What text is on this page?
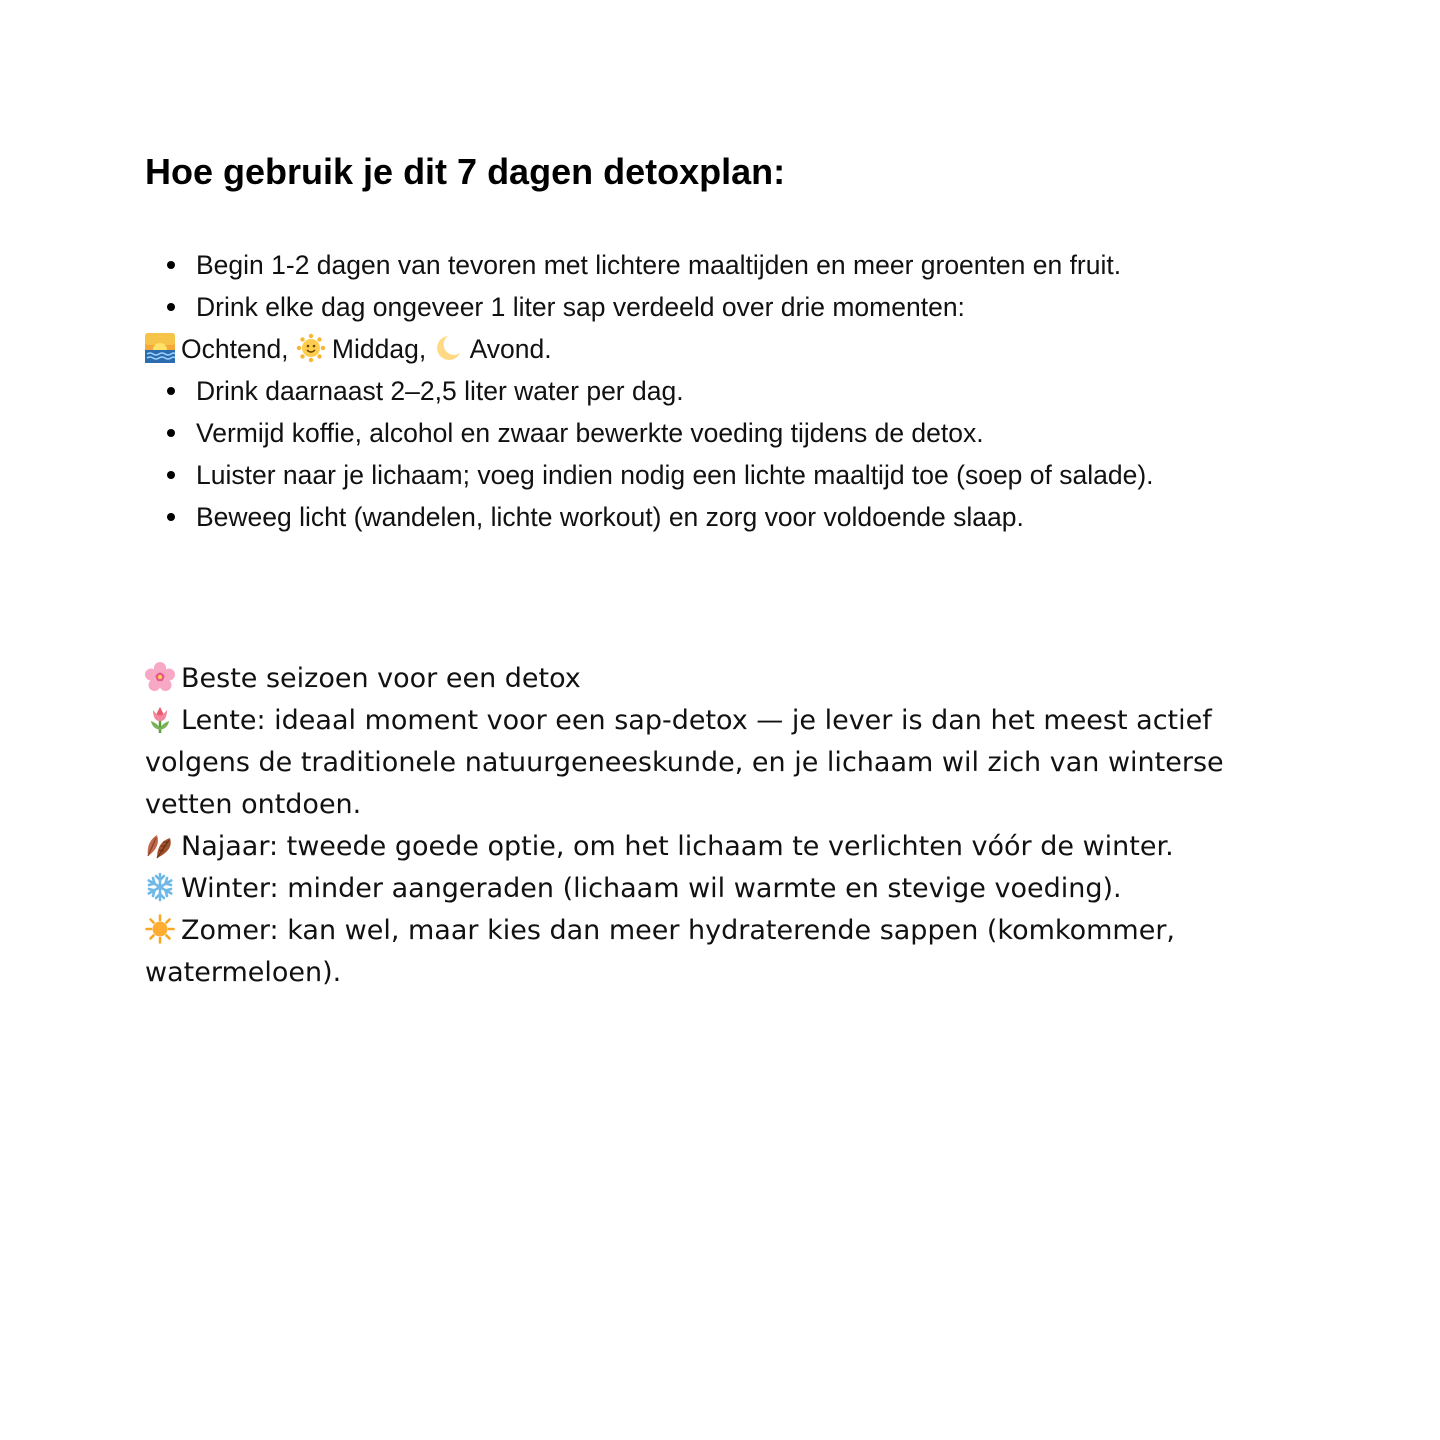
Hoe gebruik je dit 7 dagen detoxplan:
Begin 1-2 dagen van tevoren met lichtere maaltijden en meer groenten en fruit.
Drink elke dag ongeveer 1 liter sap verdeeld over drie momenten:
Ochtend, Middag, Avond.
Drink daarnaast 2–2,5 liter water per dag.
Vermijd koffie, alcohol en zwaar bewerkte voeding tijdens de detox.
Luister naar je lichaam; voeg indien nodig een lichte maaltijd toe (soep of salade).
Beweeg licht (wandelen, lichte workout) en zorg voor voldoende slaap.

Beste seizoen voor een detox

Lente: ideaal moment voor een sap-detox — je lever is dan het meest actief volgens de traditionele natuurgeneeskunde, en je lichaam wil zich van winterse vetten ontdoen.

Najaar: tweede goede optie, om het lichaam te verlichten vóór de winter.

Winter: minder aangeraden (lichaam wil warmte en stevige voeding).

Zomer: kan wel, maar kies dan meer hydraterende sappen (komkommer, watermeloen).
